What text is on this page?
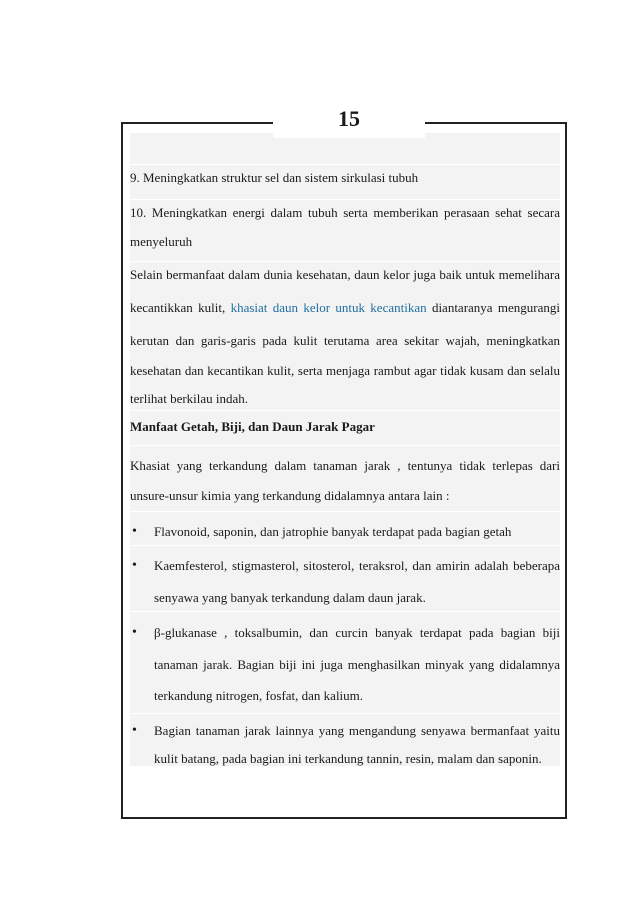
9. Meningkatkan struktur sel dan sistem sirkulasi tubuh
10. Meningkatkan energi dalam tubuh serta memberikan perasaan sehat secara
menyeluruh
Selain bermanfaat dalam dunia kesehatan, daun kelor juga baik untuk memelihara
kecantikkan kulit, khasiat daun kelor untuk kecantikan diantaranya mengurangi
kerutan dan garis-garis pada kulit terutama area sekitar wajah, meningkatkan
kesehatan dan kecantikan kulit, serta menjaga rambut agar tidak kusam dan selalu
terlihat berkilau indah.
Manfaat Getah, Biji, dan Daun Jarak Pagar
Khasiat yang terkandung dalam tanaman jarak , tentunya tidak terlepas dari
unsure-unsur kimia yang terkandung didalamnya antara lain :
•	Flavonoid, saponin, dan jatrophie banyak terdapat pada bagian getah
•	Kaemfesterol, stigmasterol, sitosterol, teraksrol, dan amirin adalah beberapa
senyawa yang banyak terkandung dalam daun jarak.
•	β-glukanase , toksalbumin, dan curcin banyak terdapat pada bagian biji
tanaman jarak. Bagian biji ini juga menghasilkan minyak yang didalamnya
terkandung nitrogen, fosfat, dan kalium.
•	Bagian tanaman jarak lainnya yang mengandung senyawa bermanfaat yaitu
kulit batang, pada bagian ini terkandung tannin, resin, malam dan saponin.
15
